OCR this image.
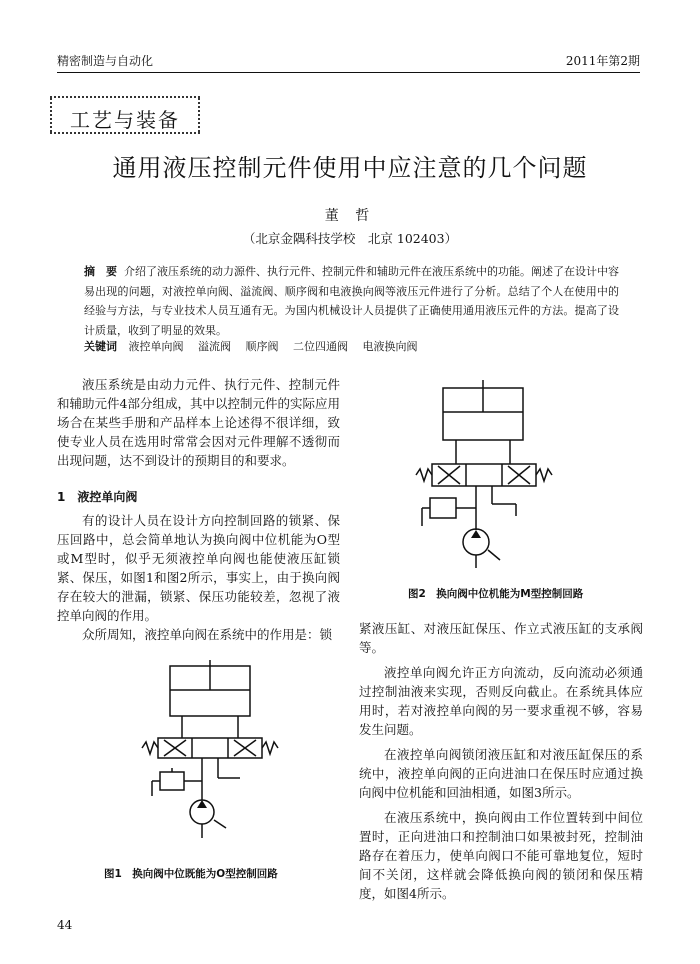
精密制造与自动化	2011年第2期
工艺与装备
通用液压控制元件使用中应注意的几个问题
董 哲
（北京金隅科技学校　北京 102403）
摘　要 介绍了液压系统的动力源件、执行元件、控制元件和辅助元件在液压系统中的功能。阐述了在设计中容易出现的问题，对液控单向阀、溢流阀、顺序阀和电液换向阀等液压元件进行了分析。总结了个人在使用中的经验与方法，与专业技术人员互通有无。为国内机械设计人员提供了正确使用通用液压元件的方法。提高了设计质量，收到了明显的效果。
关键词 液控单向阀 溢流阀 顺序阀 二位四通阀 电液换向阀

液压系统是由动力元件、执行元件、控制元件和辅助元件4部分组成，其中以控制元件的实际应用场合在某些手册和产品样本上论述得不很详细，致使专业人员在选用时常常会因对元件理解不透彻而出现问题，达不到设计的预期目的和要求。

1　液控单向阀

有的设计人员在设计方向控制回路的锁紧、保压回路中，总会简单地认为换向阀中位机能为O型或M型时，似乎无须液控单向阀也能使液压缸锁紧、保压，如图1和图2所示，事实上，由于换向阀存在较大的泄漏，锁紧、保压功能较差，忽视了液控单向阀的作用。

众所周知，液控单向阀在系统中的作用是：锁

图1　换向阀中位既能为O型控制回路
图2　换向阀中位机能为M型控制回路

紧液压缸、对液压缸保压、作立式液压缸的支承阀等。

液控单向阀允许正方向流动，反向流动必须通过控制油液来实现，否则反向截止。在系统具体应用时，若对液控单向阀的另一要求重视不够，容易发生问题。

在液控单向阀锁闭液压缸和对液压缸保压的系统中，液控单向阀的正向进油口在保压时应通过换向阀中位机能和回油相通，如图3所示。

在液压系统中，换向阀由工作位置转到中间位置时，正向进油口和控制油口如果被封死，控制油路存在着压力，使单向阀口不能可靠地复位，短时间不关闭，这样就会降低换向阀的锁闭和保压精度，如图4所示。

44
